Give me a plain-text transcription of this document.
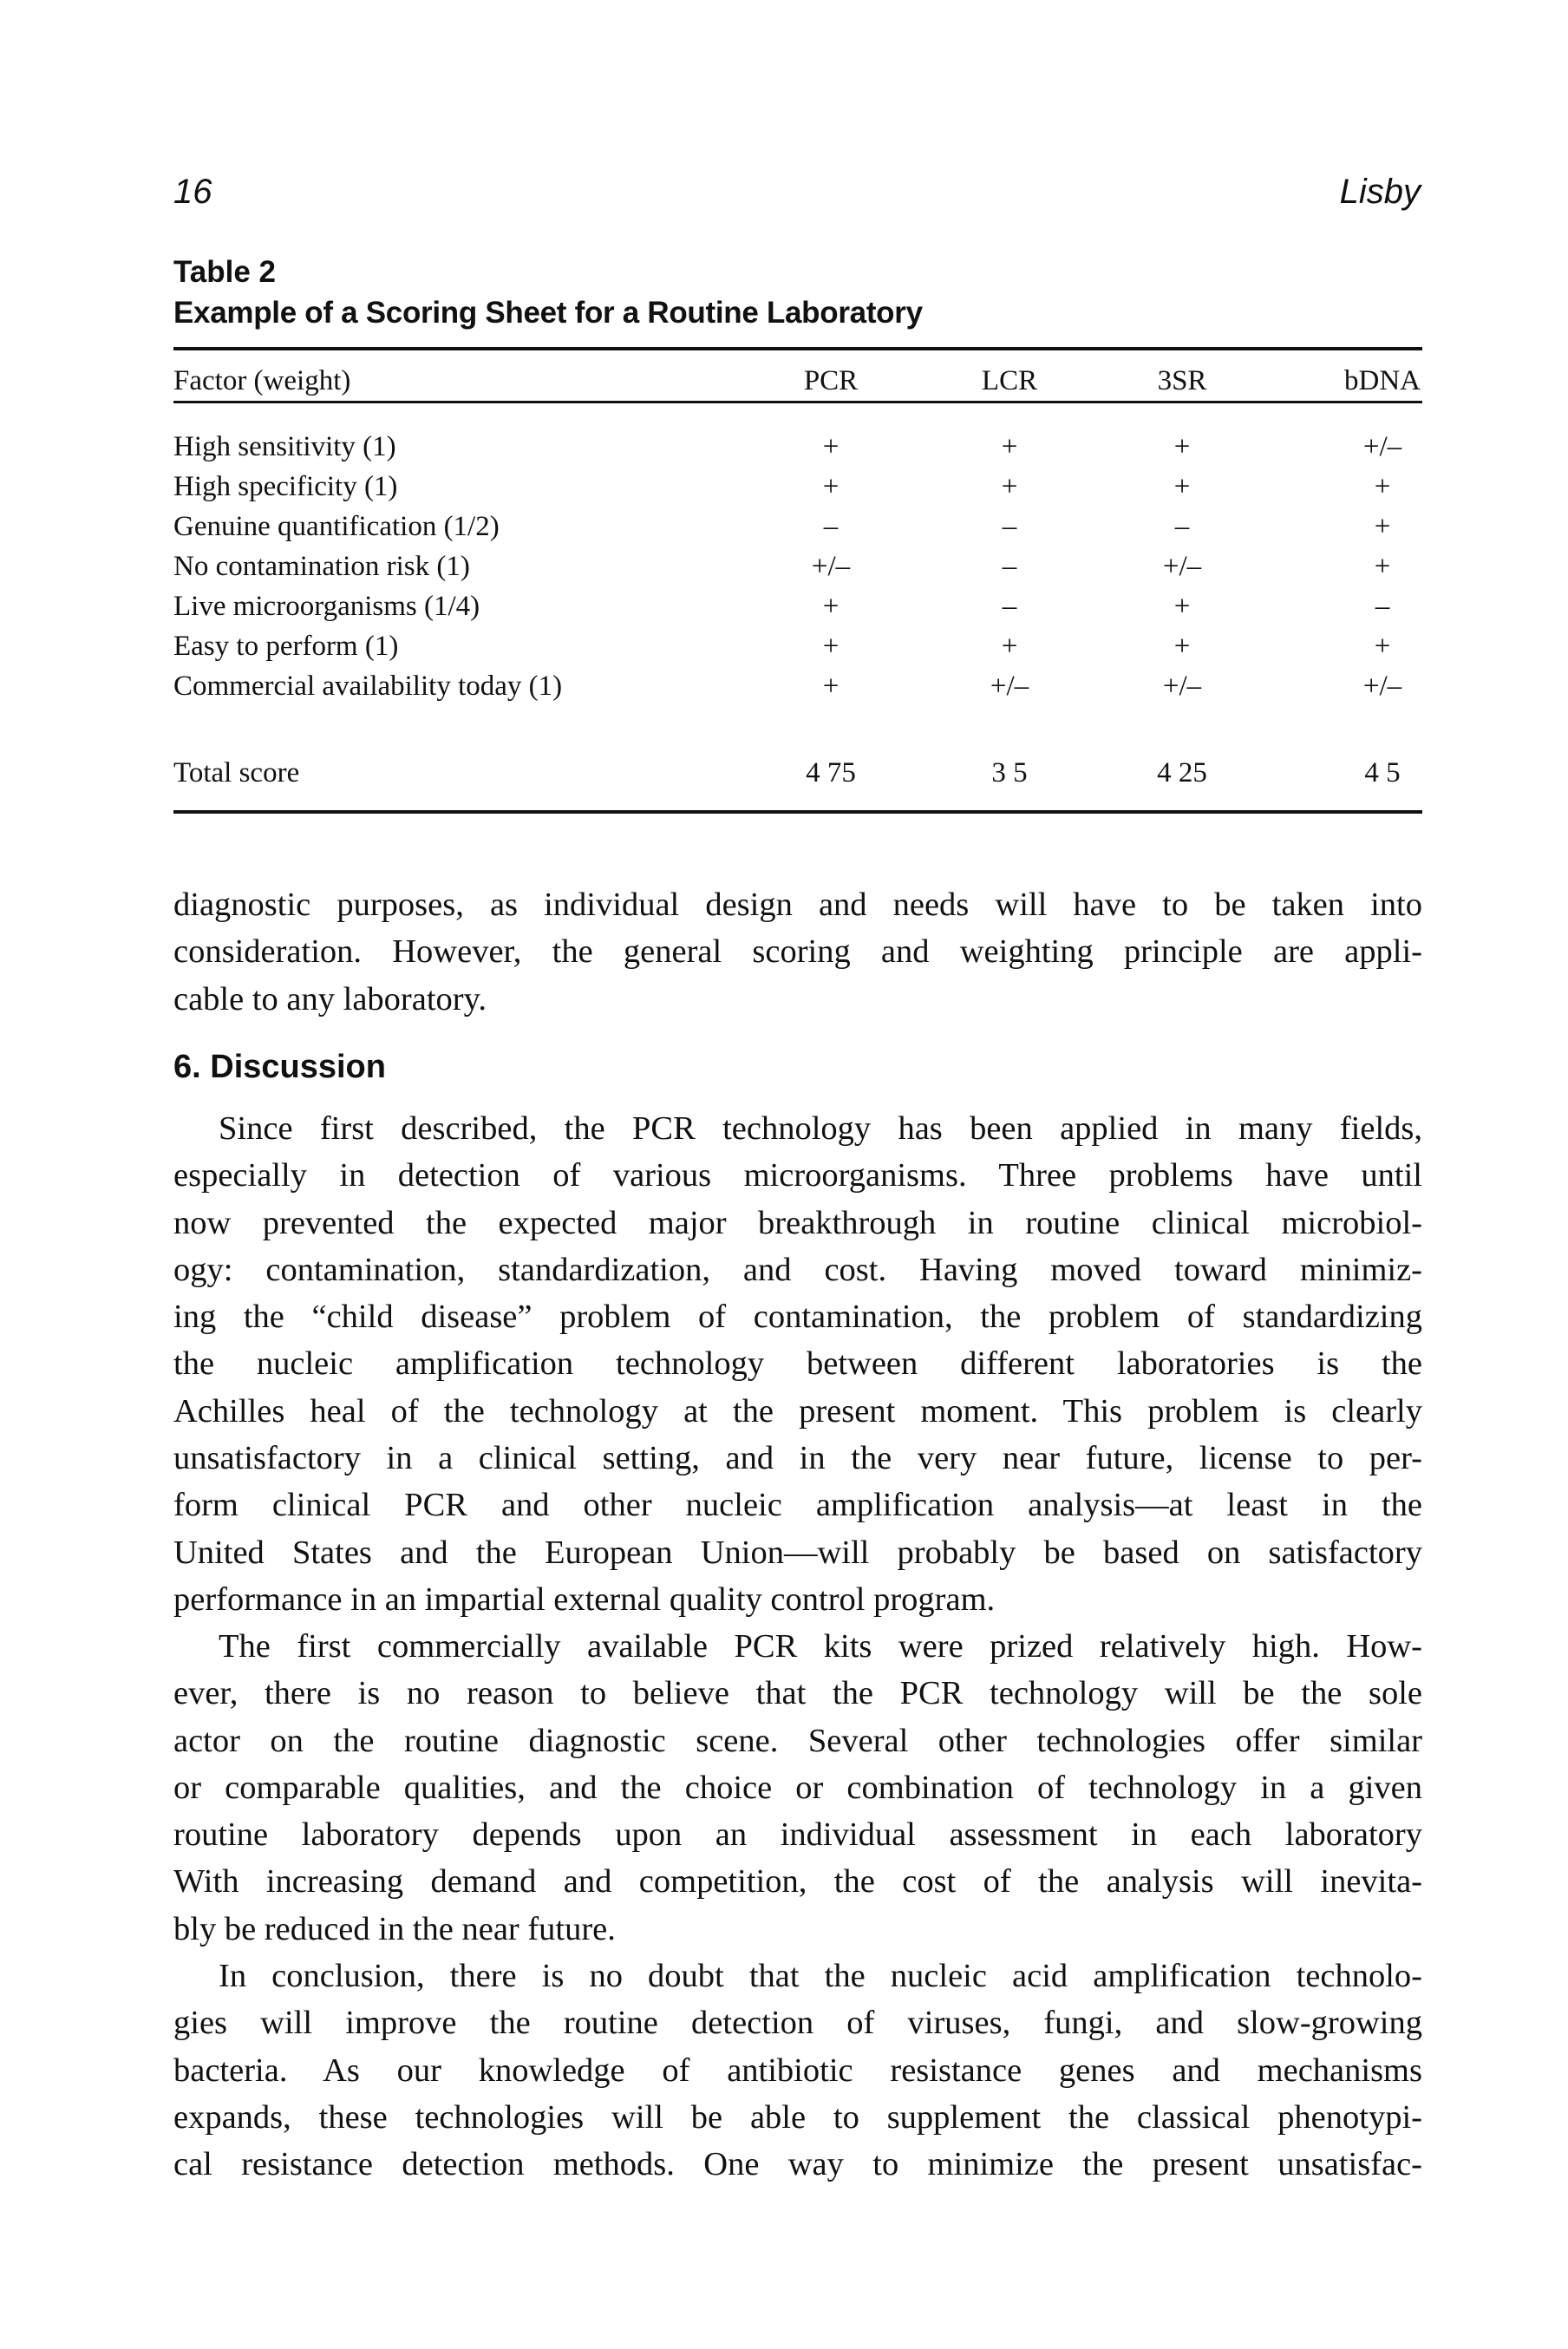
16	Lisby
Table 2
Example of a Scoring Sheet for a Routine Laboratory
Factor (weight)	PCR	LCR	3SR	bDNA
High sensitivity (1)	+	+	+	+/–
High specificity (1)	+	+	+	+
Genuine quantification (1/2)	–	–	–	+
No contamination risk (1)	+/–	–	+/–	+
Live microorganisms (1/4)	+	–	+	–
Easy to perform (1)	+	+	+	+
Commercial availability today (1)	+	+/–	+/–	+/–
Total score	4 75	3 5	4 25	4 5
diagnostic purposes, as individual design and needs will have to be taken into
consideration. However, the general scoring and weighting principle are appli-
cable to any laboratory.
6. Discussion
Since first described, the PCR technology has been applied in many fields,
especially in detection of various microorganisms. Three problems have until
now prevented the expected major breakthrough in routine clinical microbiol-
ogy: contamination, standardization, and cost. Having moved toward minimiz-
ing the “child disease” problem of contamination, the problem of standardizing
the nucleic amplification technology between different laboratories is the
Achilles heal of the technology at the present moment. This problem is clearly
unsatisfactory in a clinical setting, and in the very near future, license to per-
form clinical PCR and other nucleic amplification analysis—at least in the
United States and the European Union—will probably be based on satisfactory
performance in an impartial external quality control program.
The first commercially available PCR kits were prized relatively high. How-
ever, there is no reason to believe that the PCR technology will be the sole
actor on the routine diagnostic scene. Several other technologies offer similar
or comparable qualities, and the choice or combination of technology in a given
routine laboratory depends upon an individual assessment in each laboratory
With increasing demand and competition, the cost of the analysis will inevita-
bly be reduced in the near future.
In conclusion, there is no doubt that the nucleic acid amplification technolo-
gies will improve the routine detection of viruses, fungi, and slow-growing
bacteria. As our knowledge of antibiotic resistance genes and mechanisms
expands, these technologies will be able to supplement the classical phenotypi-
cal resistance detection methods. One way to minimize the present unsatisfac-
